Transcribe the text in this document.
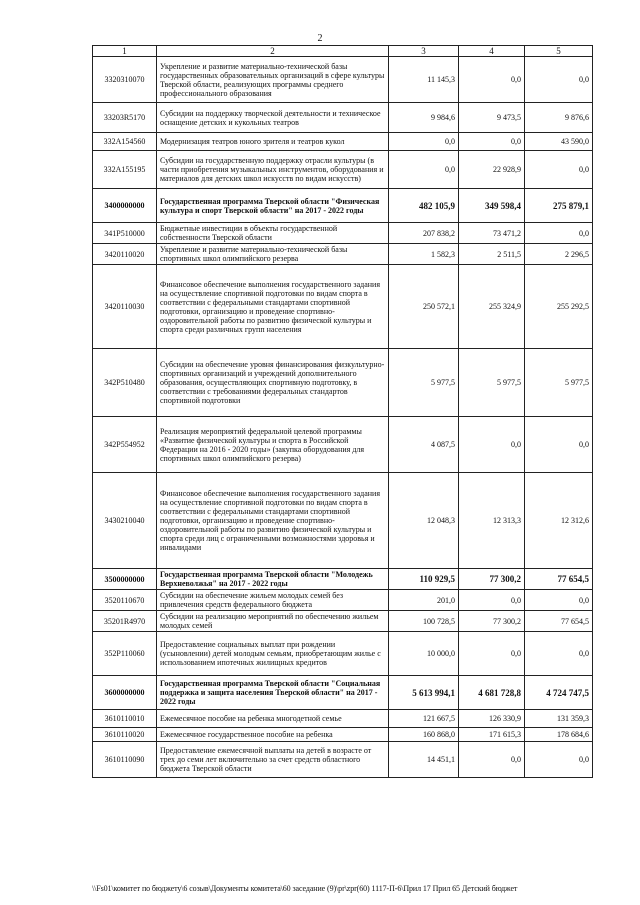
2
1	2	3	4	5
3320310070	Укрепление и развитие материально-технической базы государственных образовательных организаций в сфере культуры Тверской области, реализующих программы среднего профессионального образования	11 145,3	0,0	0,0
33203R5170	Субсидии на поддержку творческой деятельности и техническое оснащение детских и кукольных театров	9 984,6	9 473,5	9 876,6
332A154560	Модернизация театров юного зрителя и театров кукол	0,0	0,0	43 590,0
332A155195	Субсидии на государственную поддержку отрасли культуры (в части приобретения музыкальных инструментов, оборудования и материалов для детских школ искусств по видам искусств)	0,0	22 928,9	0,0
3400000000	Государственная программа Тверской области "Физическая культура и спорт Тверской области" на 2017 - 2022 годы	482 105,9	349 598,4	275 879,1
341P510000	Бюджетные инвестиции в объекты государственной собственности Тверской области	207 838,2	73 471,2	0,0
3420110020	Укрепление и развитие материально-технической базы спортивных школ олимпийского резерва	1 582,3	2 511,5	2 296,5
3420110030	Финансовое обеспечение выполнения государственного задания на осуществление спортивной подготовки по видам спорта в соответствии с федеральными стандартами спортивной подготовки, организацию и проведение спортивно-оздоровительной работы по развитию физической культуры и спорта среди различных групп населения	250 572,1	255 324,9	255 292,5
342P510480	Субсидии на обеспечение уровня финансирования физкультурно-спортивных организаций и учреждений дополнительного образования, осуществляющих спортивную подготовку, в соответствии с требованиями федеральных стандартов спортивной подготовки	5 977,5	5 977,5	5 977,5
342P554952	Реализация мероприятий федеральной целевой программы «Развитие физической культуры и спорта в Российской Федерации на 2016 - 2020 годы» (закупка оборудования для спортивных школ олимпийского резерва)	4 087,5	0,0	0,0
3430210040	Финансовое обеспечение выполнения государственного задания на осуществление спортивной подготовки по видам спорта в соответствии с федеральными стандартами спортивной подготовки, организацию и проведение спортивно-оздоровительной работы по развитию физической культуры и спорта среди лиц с ограниченными возможностями здоровья и инвалидами	12 048,3	12 313,3	12 312,6
3500000000	Государственная программа Тверской области "Молодежь Верхневолжья" на 2017 - 2022 годы	110 929,5	77 300,2	77 654,5
3520110670	Субсидии на обеспечение жильем молодых семей без привлечения средств федерального бюджета	201,0	0,0	0,0
35201R4970	Субсидии на реализацию мероприятий по обеспечению жильем молодых семей	100 728,5	77 300,2	77 654,5
352P110060	Предоставление социальных выплат при рождении (усыновлении) детей молодым семьям, приобретающим жилье с использованием ипотечных жилищных кредитов	10 000,0	0,0	0,0
3600000000	Государственная программа Тверской области "Социальная поддержка и защита населения Тверской области" на 2017 - 2022 годы	5 613 994,1	4 681 728,8	4 724 747,5
3610110010	Ежемесячное пособие на ребенка многодетной семье	121 667,5	126 330,9	131 359,3
3610110020	Ежемесячное государственное пособие на ребенка	160 868,0	171 615,3	178 684,6
3610110090	Предоставление ежемесячной выплаты на детей в возрасте от трех до семи лет включительно за счет средств областного бюджета Тверской области	14 451,1	0,0	0,0
\\Fs01\комитет по бюджету\6 созыв\Документы комитета\60 заседание (9)\pr\zpr(60) 1117-П-6\Прил 17 Прил 65 Детский бюджет
